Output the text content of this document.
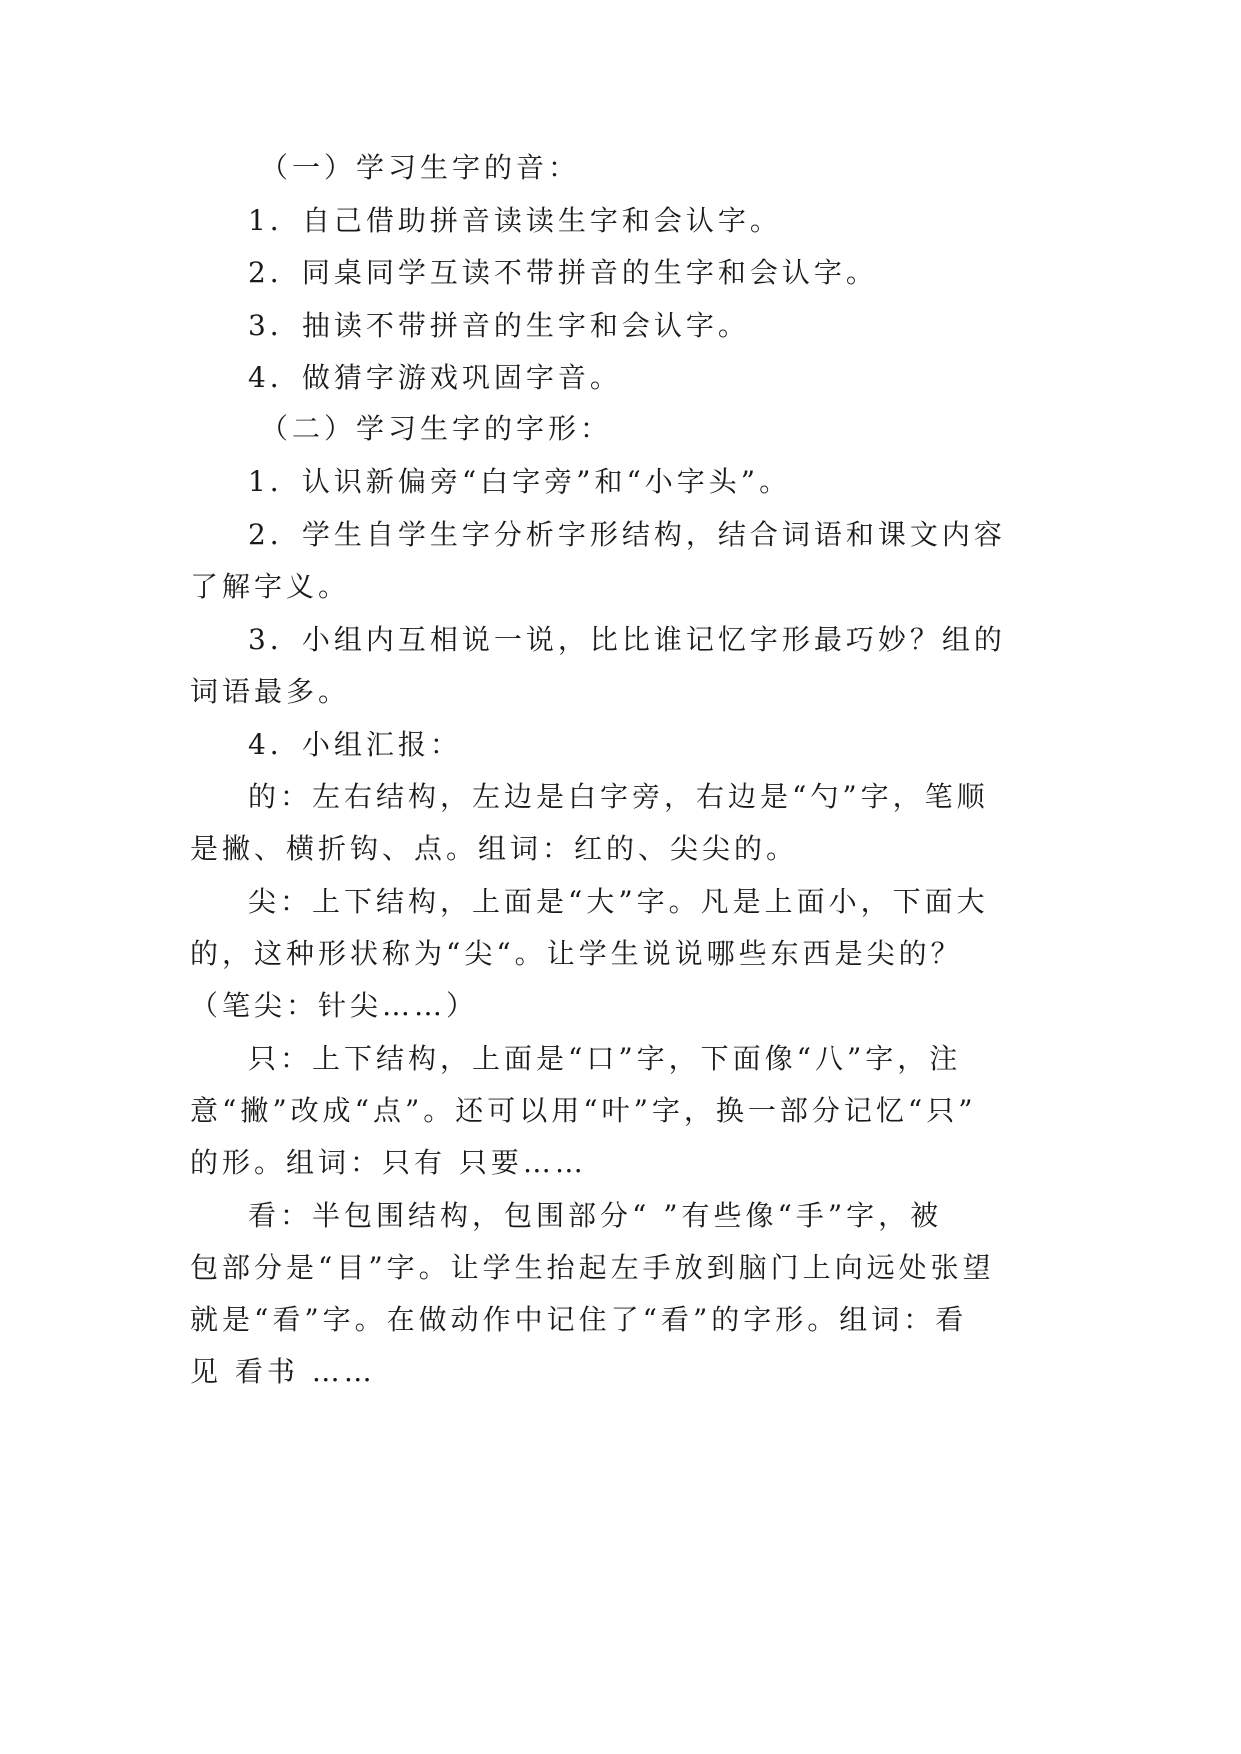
（一）学习生字的音：
1．自己借助拼音读读生字和会认字。
2．同桌同学互读不带拼音的生字和会认字。
3．抽读不带拼音的生字和会认字。
4．做猜字游戏巩固字音。
（二）学习生字的字形：
1．认识新偏旁“白字旁”和“小字头”。
2．学生自学生字分析字形结构，结合词语和课文内容
了解字义。
3．小组内互相说一说，比比谁记忆字形最巧妙？组的
词语最多。
4．小组汇报：
的：左右结构，左边是白字旁，右边是“勺”字，笔顺
是撇、横折钩、点。组词：红的、尖尖的。
尖：上下结构，上面是“大”字。凡是上面小，下面大
的，这种形状称为“尖“。让学生说说哪些东西是尖的？
（笔尖：针尖……）
只：上下结构，上面是“口”字，下面像“八”字，注
意“撇”改成“点”。还可以用“叶”字，换一部分记忆“只”
的形。组词：只有 只要……
看：半包围结构，包围部分“ ”有些像“手”字，被
包部分是“目”字。让学生抬起左手放到脑门上向远处张望
就是“看”字。在做动作中记住了“看”的字形。组词：看
见 看书 ……
